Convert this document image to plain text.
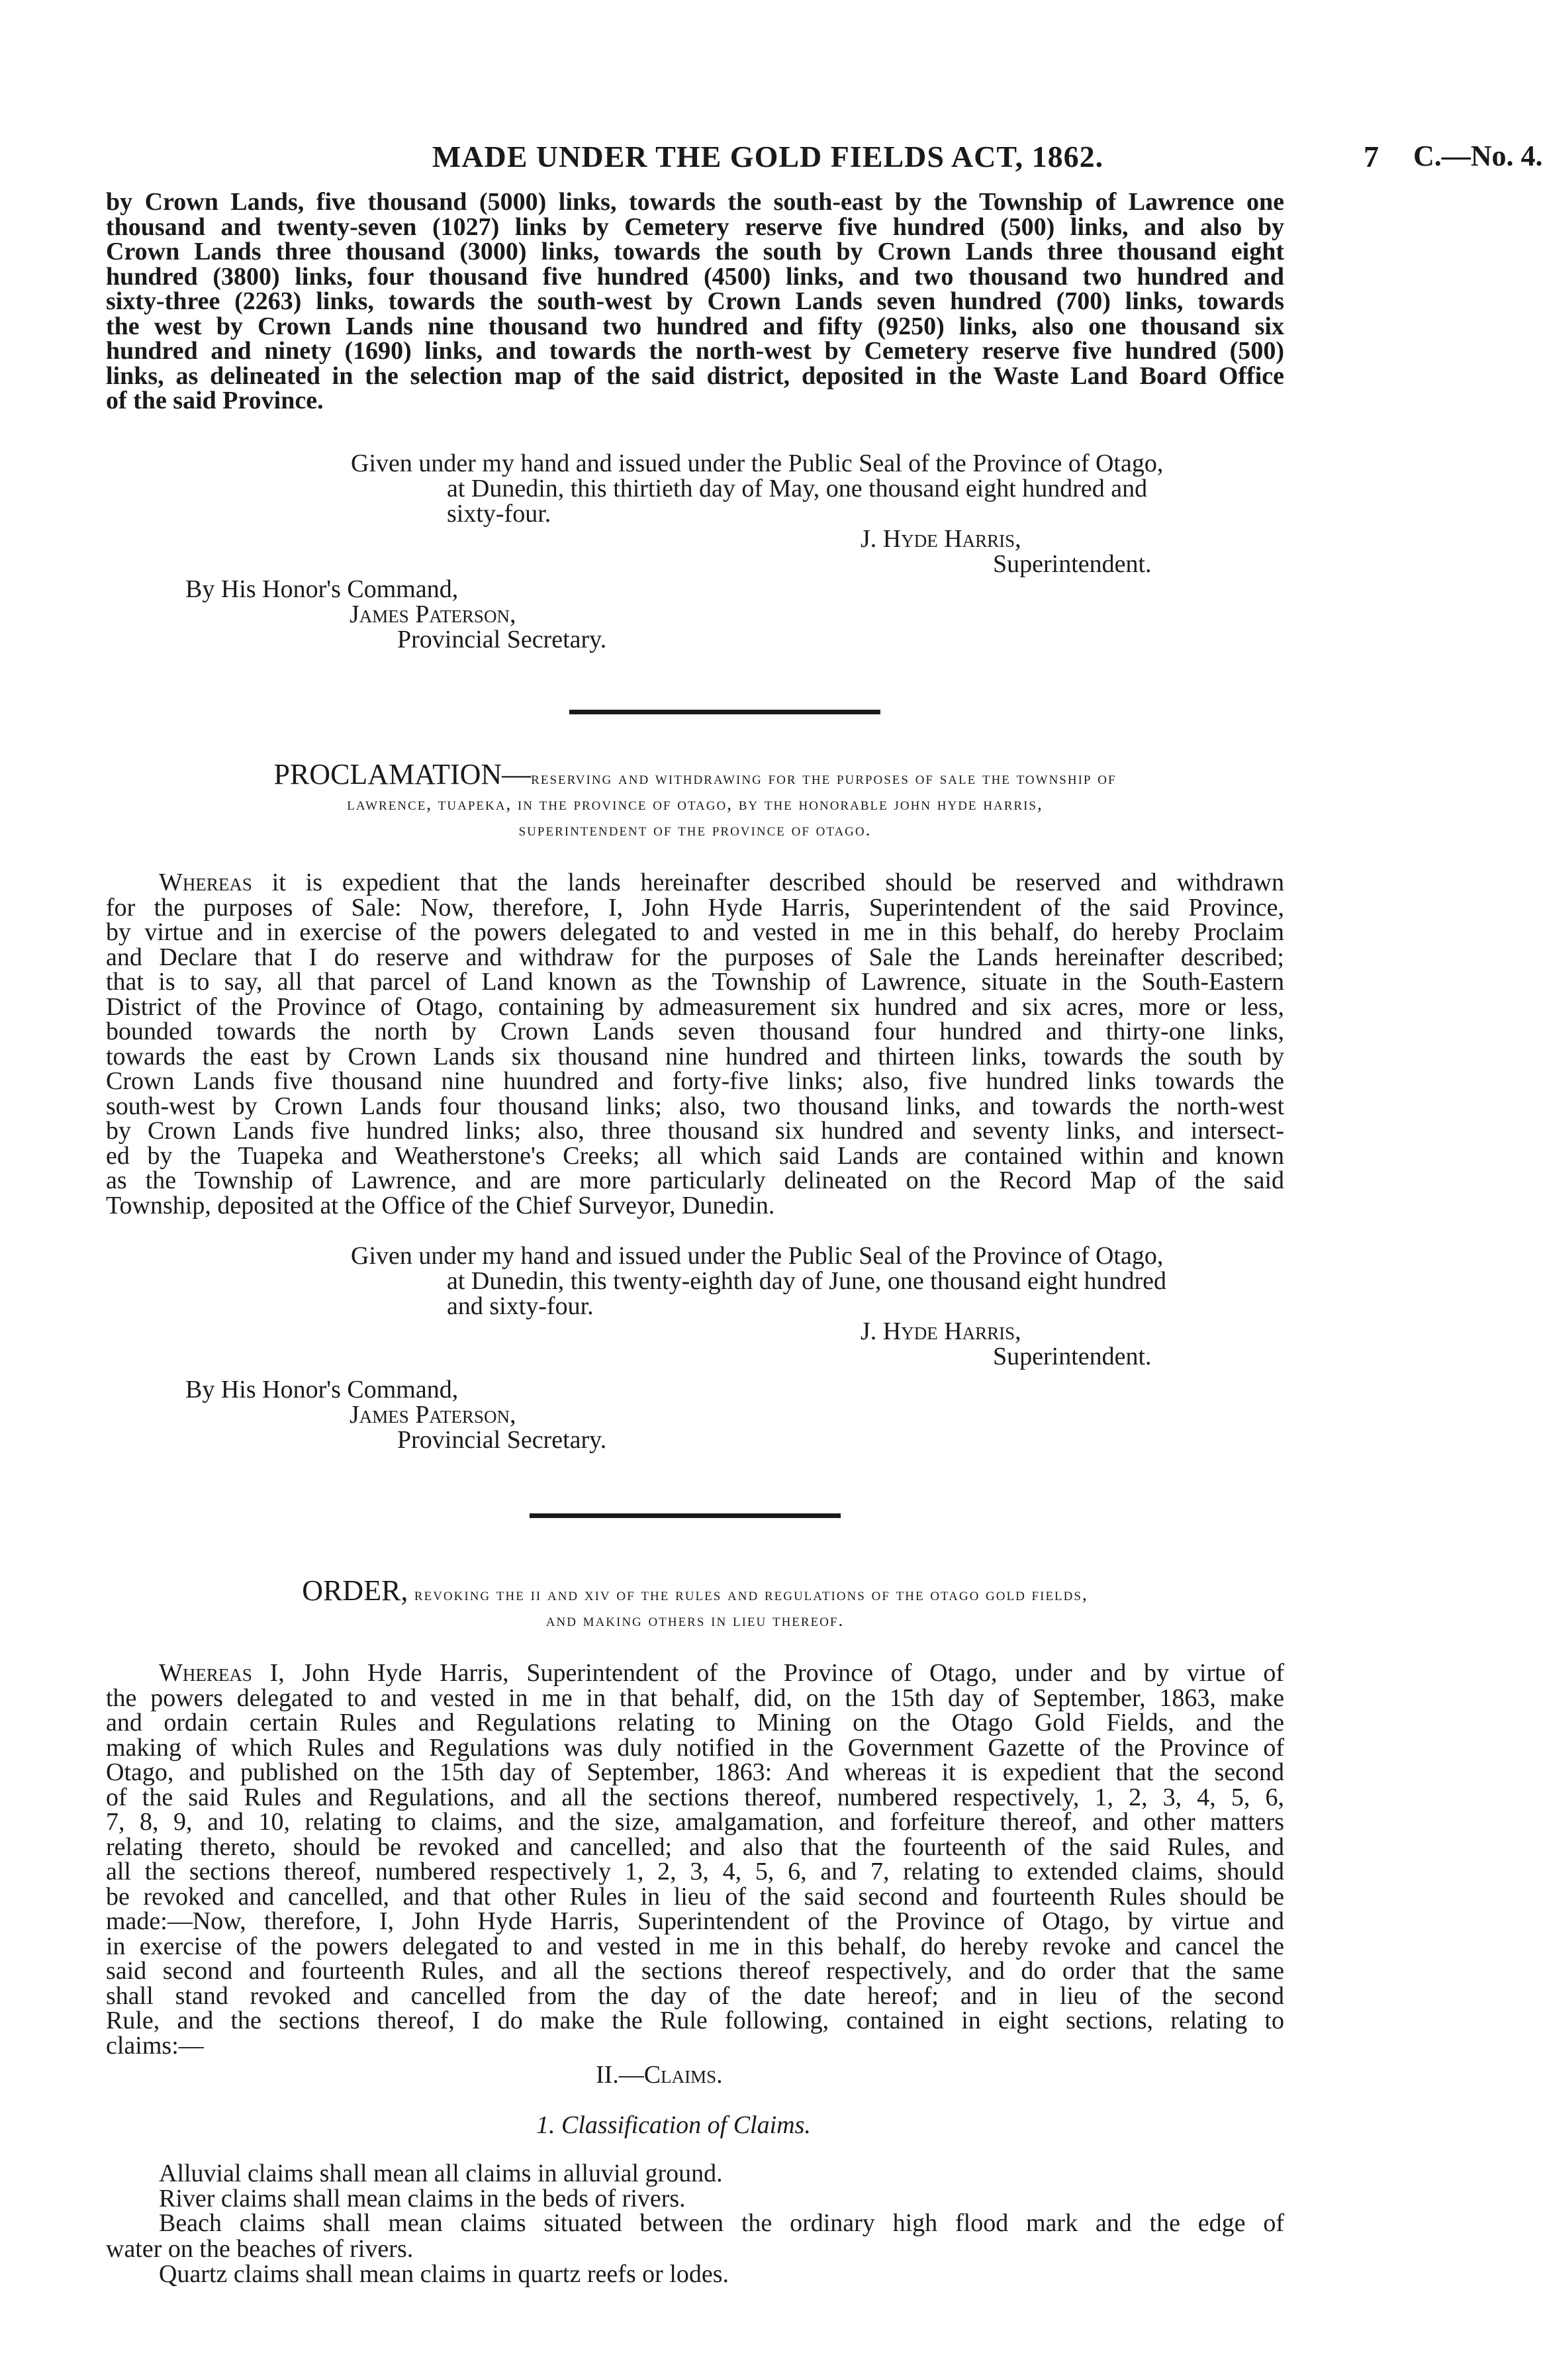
MADE UNDER THE GOLD FIELDS ACT, 1862.	7 C.—No. 4.
by Crown Lands, five thousand (5000) links, towards the south-east by the Township of Lawrence one
thousand and twenty-seven (1027) links by Cemetery reserve five hundred (500) links, and also by
Crown Lands three thousand (3000) links, towards the south by Crown Lands three thousand eight
hundred (3800) links, four thousand five hundred (4500) links, and two thousand two hundred and
sixty-three (2263) links, towards the south-west by Crown Lands seven hundred (700) links, towards
the west by Crown Lands nine thousand two hundred and fifty (9250) links, also one thousand six
hundred and ninety (1690) links, and towards the north-west by Cemetery reserve five hundred (500)
links, as delineated in the selection map of the said district, deposited in the Waste Land Board Office
of the said Province.
Given under my hand and issued under the Public Seal of the Province of Otago,
at Dunedin, this thirtieth day of May, one thousand eight hundred and
sixty-four.
J. Hyde Harris,
Superintendent.
By His Honor's Command,
James Paterson,
Provincial Secretary.
PROCLAMATION—reserving and withdrawing for the purposes of sale the township of
lawrence, tuapeka, in the province of otago, by the honorable john hyde harris,
superintendent of the province of otago.
Whereas it is expedient that the lands hereinafter described should be reserved and withdrawn
for the purposes of Sale: Now, therefore, I, John Hyde Harris, Superintendent of the said Province,
by virtue and in exercise of the powers delegated to and vested in me in this behalf, do hereby Proclaim
and Declare that I do reserve and withdraw for the purposes of Sale the Lands hereinafter described;
that is to say, all that parcel of Land known as the Township of Lawrence, situate in the South-Eastern
District of the Province of Otago, containing by admeasurement six hundred and six acres, more or less,
bounded towards the north by Crown Lands seven thousand four hundred and thirty-one links,
towards the east by Crown Lands six thousand nine hundred and thirteen links, towards the south by
Crown Lands five thousand nine huundred and forty-five links; also, five hundred links towards the
south-west by Crown Lands four thousand links; also, two thousand links, and towards the north-west
by Crown Lands five hundred links; also, three thousand six hundred and seventy links, and intersect-
ed by the Tuapeka and Weatherstone's Creeks; all which said Lands are contained within and known
as the Township of Lawrence, and are more particularly delineated on the Record Map of the said
Township, deposited at the Office of the Chief Surveyor, Dunedin.
Given under my hand and issued under the Public Seal of the Province of Otago,
at Dunedin, this twenty-eighth day of June, one thousand eight hundred
and sixty-four.
J. Hyde Harris,
Superintendent.
By His Honor's Command,
James Paterson,
Provincial Secretary.
ORDER, revoking the ii and xiv of the rules and regulations of the otago gold fields,
and making others in lieu thereof.
Whereas I, John Hyde Harris, Superintendent of the Province of Otago, under and by virtue of
the powers delegated to and vested in me in that behalf, did, on the 15th day of September, 1863, make
and ordain certain Rules and Regulations relating to Mining on the Otago Gold Fields, and the
making of which Rules and Regulations was duly notified in the Government Gazette of the Province of
Otago, and published on the 15th day of September, 1863: And whereas it is expedient that the second
of the said Rules and Regulations, and all the sections thereof, numbered respectively, 1, 2, 3, 4, 5, 6,
7, 8, 9, and 10, relating to claims, and the size, amalgamation, and forfeiture thereof, and other matters
relating thereto, should be revoked and cancelled; and also that the fourteenth of the said Rules, and
all the sections thereof, numbered respectively 1, 2, 3, 4, 5, 6, and 7, relating to extended claims, should
be revoked and cancelled, and that other Rules in lieu of the said second and fourteenth Rules should be
made:—Now, therefore, I, John Hyde Harris, Superintendent of the Province of Otago, by virtue and
in exercise of the powers delegated to and vested in me in this behalf, do hereby revoke and cancel the
said second and fourteenth Rules, and all the sections thereof respectively, and do order that the same
shall stand revoked and cancelled from the day of the date hereof; and in lieu of the second
Rule, and the sections thereof, I do make the Rule following, contained in eight sections, relating to
claims:—
II.—Claims.
1. Classification of Claims.
Alluvial claims shall mean all claims in alluvial ground.
River claims shall mean claims in the beds of rivers.
Beach claims shall mean claims situated between the ordinary high flood mark and the edge of
water on the beaches of rivers.
Quartz claims shall mean claims in quartz reefs or lodes.
